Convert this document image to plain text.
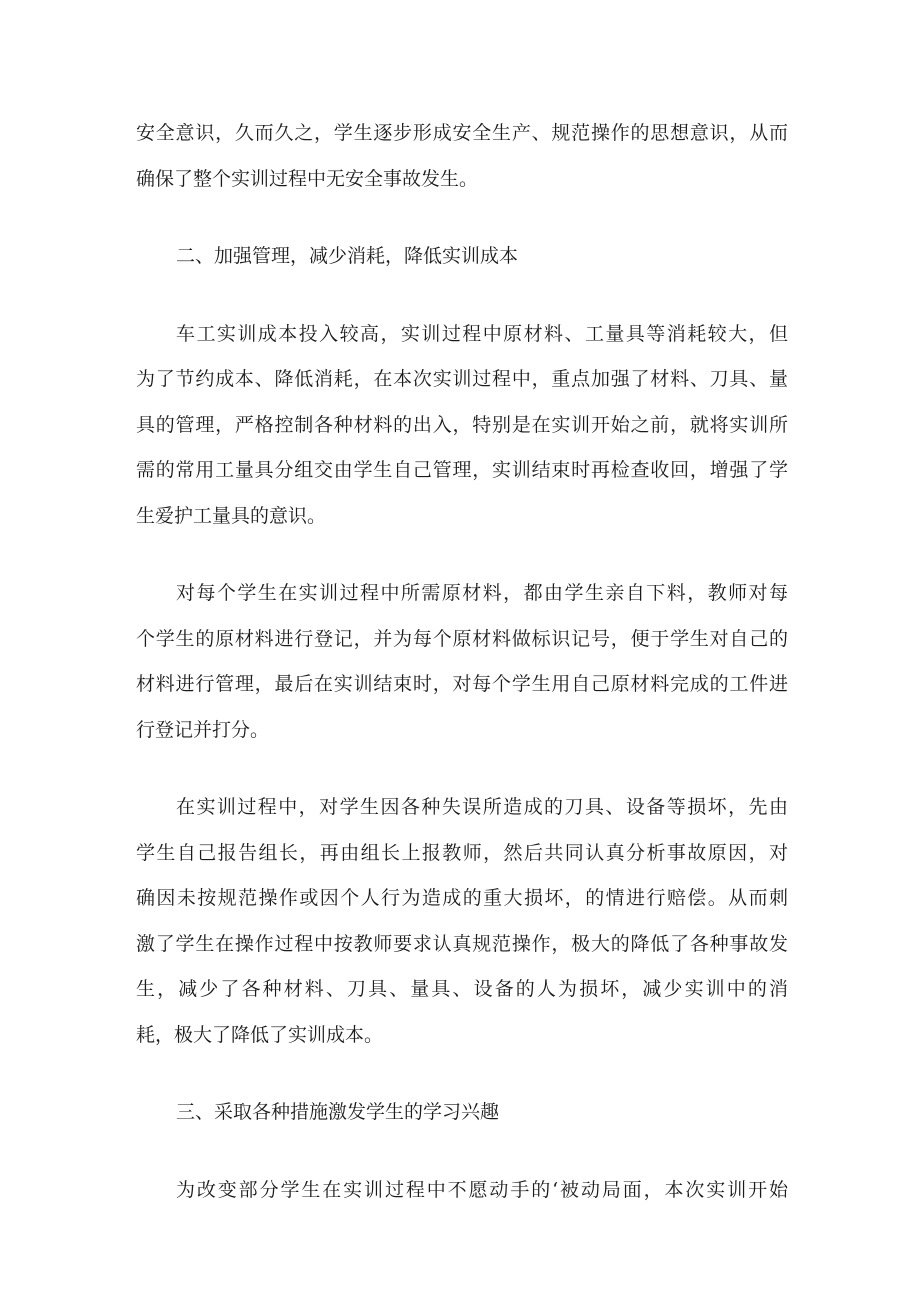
安全意识，久而久之，学生逐步形成安全生产、规范操作的思想意识，从而
确保了整个实训过程中无安全事故发生。
二、加强管理，减少消耗，降低实训成本
车工实训成本投入较高，实训过程中原材料、工量具等消耗较大，但
为了节约成本、降低消耗，在本次实训过程中，重点加强了材料、刀具、量
具的管理，严格控制各种材料的出入，特别是在实训开始之前，就将实训所
需的常用工量具分组交由学生自己管理，实训结束时再检查收回，增强了学
生爱护工量具的意识。
对每个学生在实训过程中所需原材料，都由学生亲自下料，教师对每
个学生的原材料进行登记，并为每个原材料做标识记号，便于学生对自己的
材料进行管理，最后在实训结束时，对每个学生用自己原材料完成的工件进
行登记并打分。
在实训过程中，对学生因各种失误所造成的刀具、设备等损坏，先由
学生自己报告组长，再由组长上报教师，然后共同认真分析事故原因，对
确因未按规范操作或因个人行为造成的重大损坏，的情进行赔偿。从而刺
激了学生在操作过程中按教师要求认真规范操作，极大的降低了各种事故发
生，减少了各种材料、刀具、量具、设备的人为损坏，减少实训中的消
耗，极大了降低了实训成本。
三、采取各种措施激发学生的学习兴趣
为改变部分学生在实训过程中不愿动手的‘被动局面，本次实训开始
